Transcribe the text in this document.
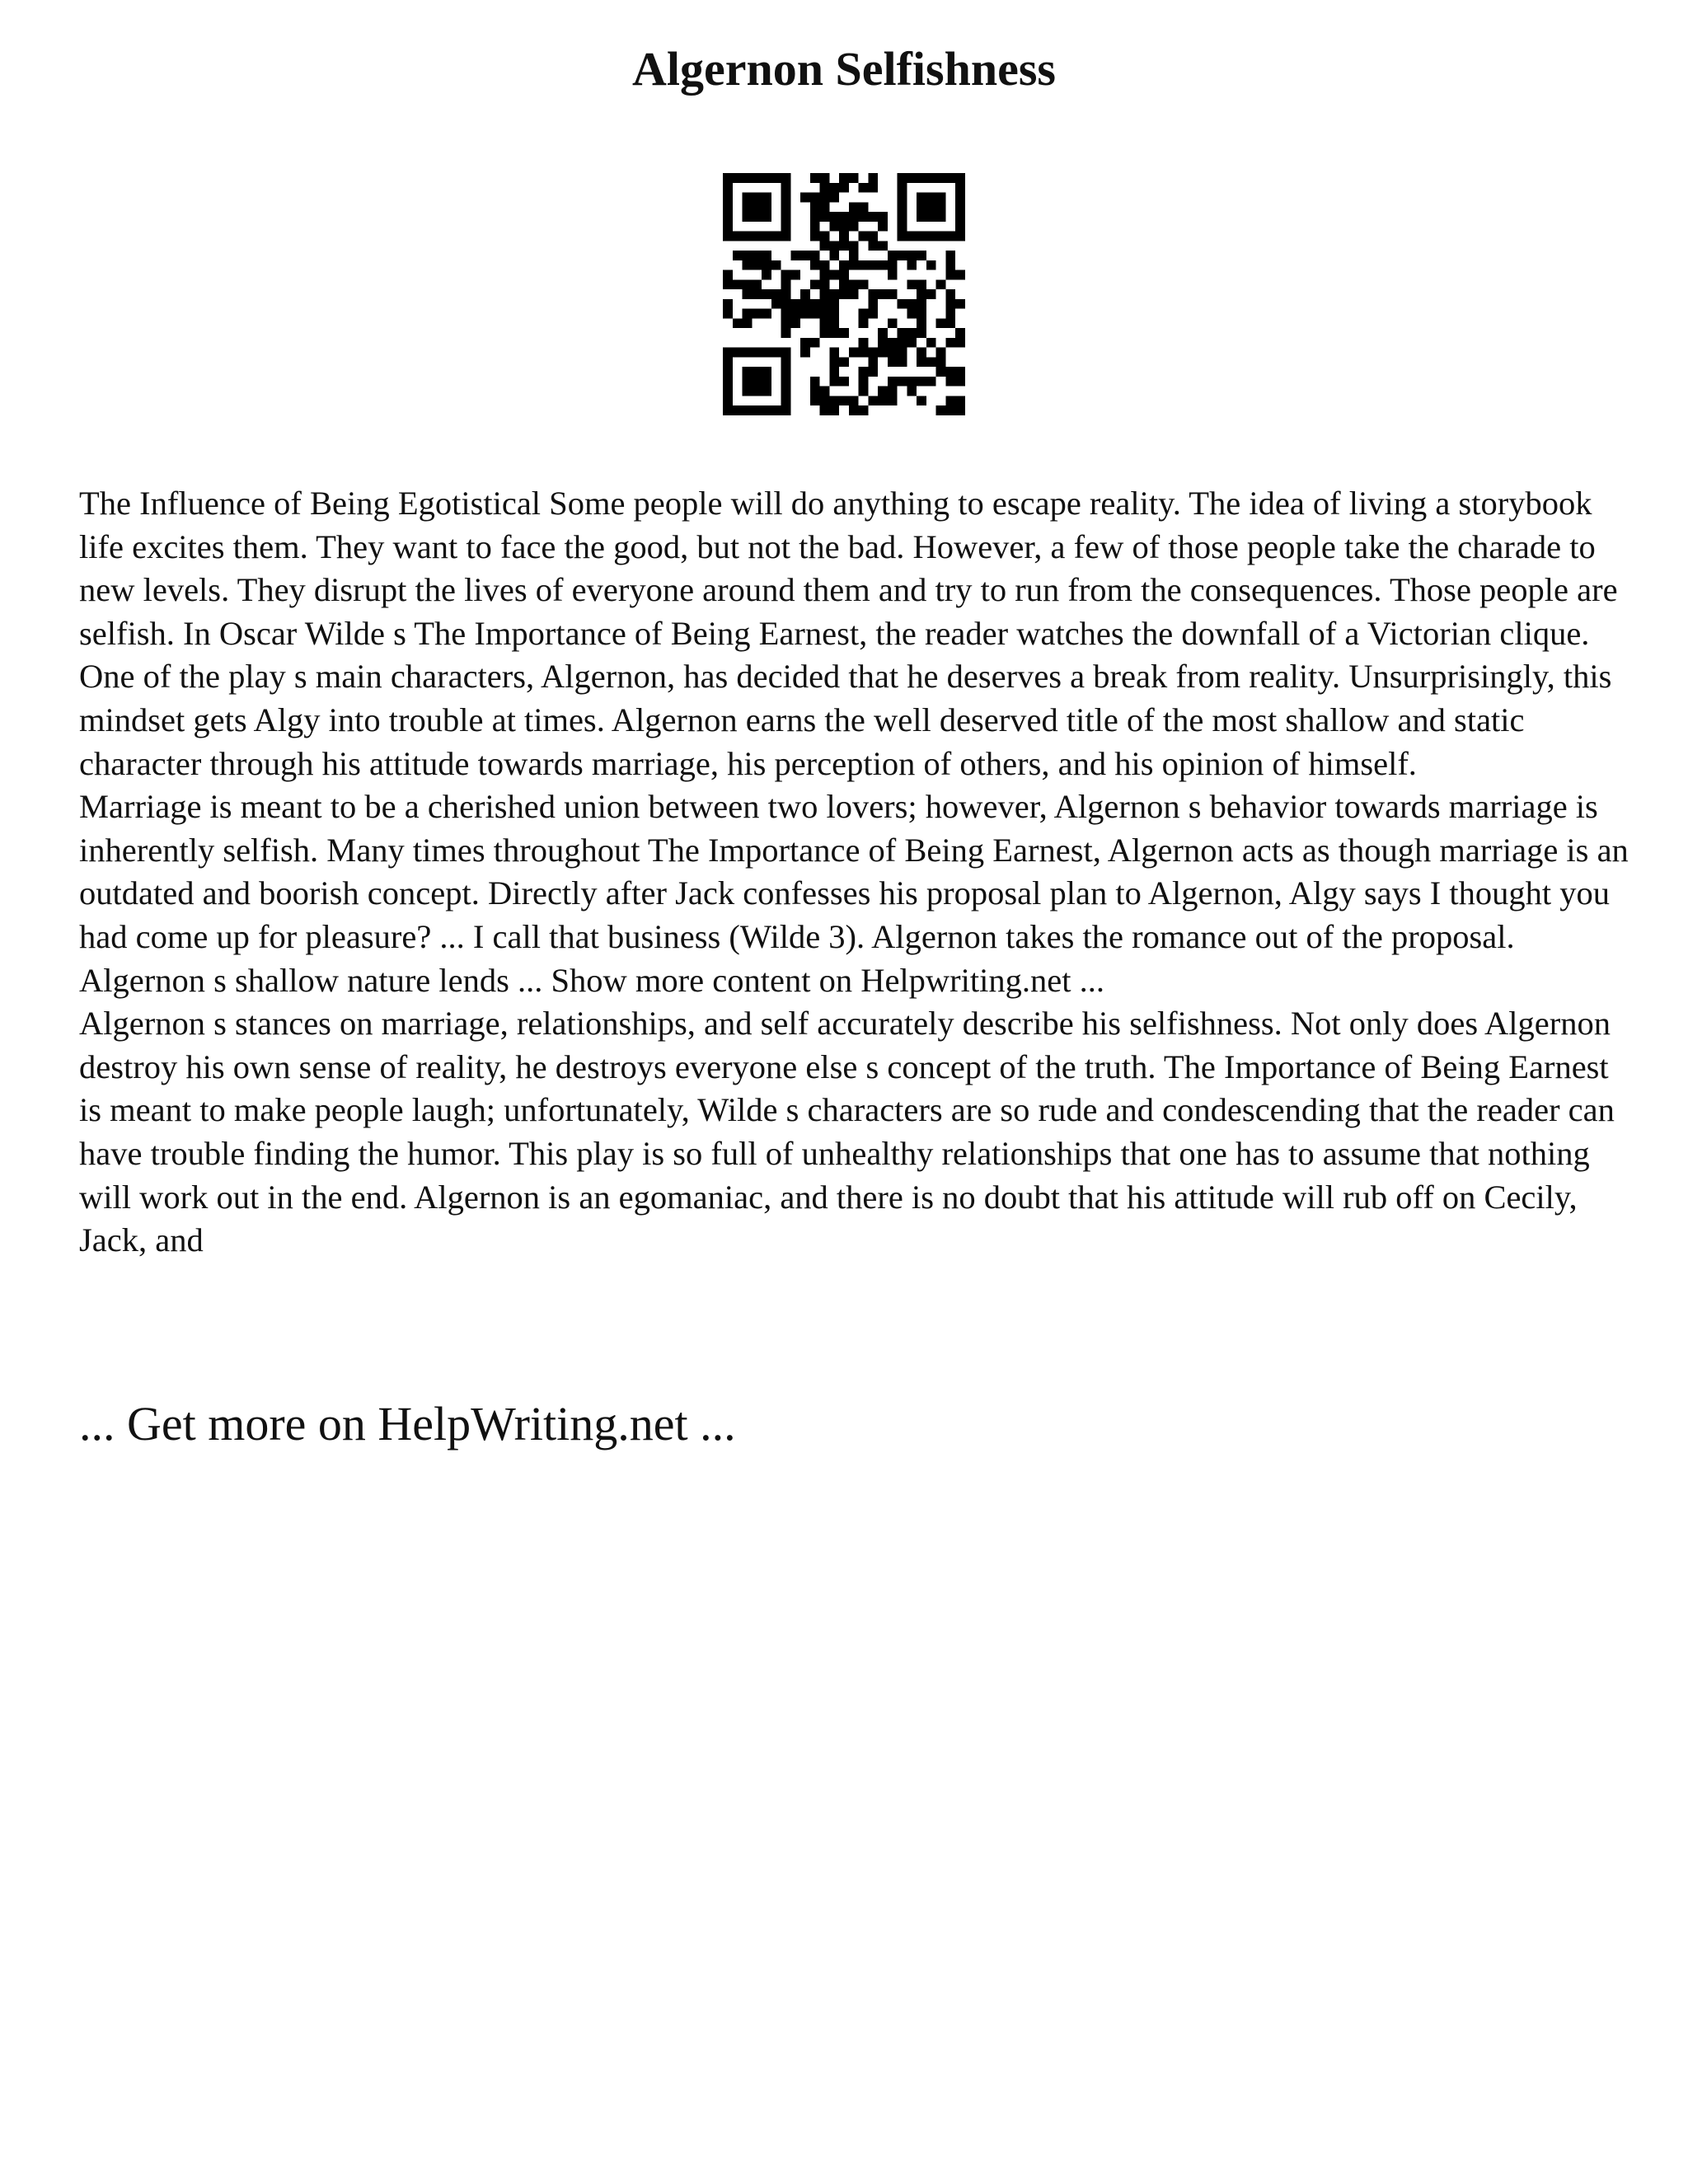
Algernon Selfishness

The Influence of Being Egotistical Some people will do anything to escape reality. The idea of living a storybook life excites them. They want to face the good, but not the bad. However, a few of those people take the charade to new levels. They disrupt the lives of everyone around them and try to run from the consequences. Those people are selfish. In Oscar Wilde s The Importance of Being Earnest, the reader watches the downfall of a Victorian clique. One of the play s main characters, Algernon, has decided that he deserves a break from reality. Unsurprisingly, this mindset gets Algy into trouble at times. Algernon earns the well deserved title of the most shallow and static character through his attitude towards marriage, his perception of others, and his opinion of himself.

Marriage is meant to be a cherished union between two lovers; however, Algernon s behavior towards marriage is inherently selfish. Many times throughout The Importance of Being Earnest, Algernon acts as though marriage is an outdated and boorish concept. Directly after Jack confesses his proposal plan to Algernon, Algy says I thought you had come up for pleasure? ... I call that business (Wilde 3). Algernon takes the romance out of the proposal. Algernon s shallow nature lends ... Show more content on Helpwriting.net ...

Algernon s stances on marriage, relationships, and self accurately describe his selfishness. Not only does Algernon destroy his own sense of reality, he destroys everyone else s concept of the truth. The Importance of Being Earnest is meant to make people laugh; unfortunately, Wilde s characters are so rude and condescending that the reader can have trouble finding the humor. This play is so full of unhealthy relationships that one has to assume that nothing will work out in the end. Algernon is an egomaniac, and there is no doubt that his attitude will rub off on Cecily, Jack, and

... Get more on HelpWriting.net ...
